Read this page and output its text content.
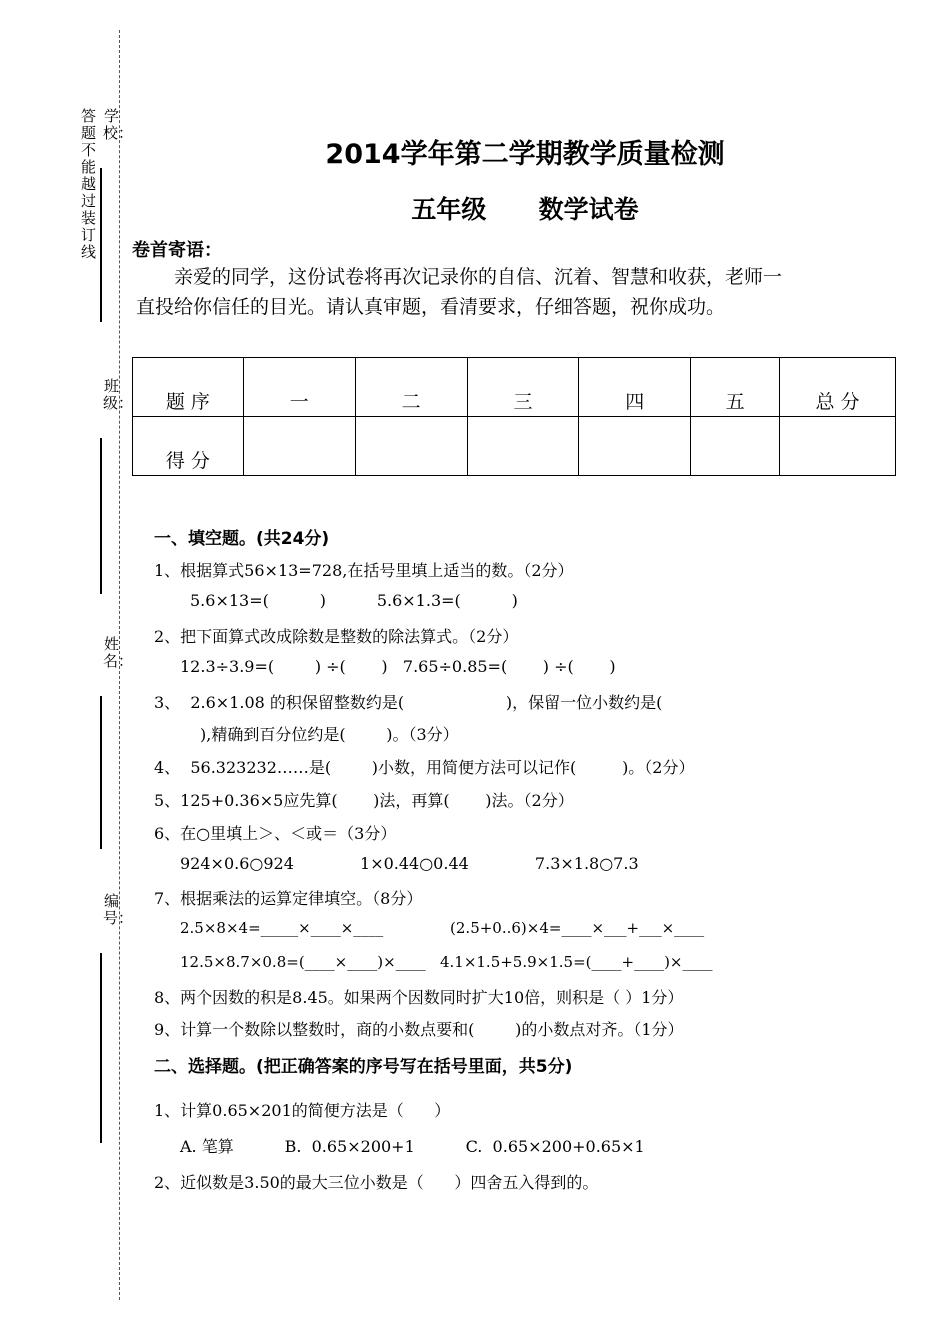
答题不能越过装订线
学校：
班级：
姓名：
编号：
2014学年第二学期教学质量检测
五年级      数学试卷
卷首寄语：
亲爱的同学，这份试卷将再次记录你的自信、沉着、智慧和收获，老师一
直投给你信任的目光。请认真审题，看清要求，仔细答题，祝你成功。
题 序	一	二	三	四	五	总 分
得 分						
一、填空题。(共24分)
1、根据算式56×13=728,在括号里填上适当的数。（2分）
5.6×13=(          )          5.6×1.3=(          )
2、把下面算式改成除数是整数的除法算式。（2分）
12.3÷3.9=(        ) ÷(       )   7.65÷0.85=(       ) ÷(       )
3、  2.6×1.08 的积保留整数约是(                    )，保留一位小数约是(
),精确到百分位约是(        )。（3分）
4、  56.323232……是(        )小数，用简便方法可以记作(         )。（2分）
5、125+0.36×5应先算(       )法，再算(       )法。（2分）
6、在○里填上＞、＜或＝（3分）
924×0.6○924             1×0.44○0.44             7.3×1.8○7.3
7、根据乘法的运算定律填空。（8分）
2.5×8×4=_____×____×____              (2.5+0..6)×4=____×___+___×____
12.5×8.7×0.8=(____×____)×____   4.1×1.5+5.9×1.5=(____+____)×____
8、两个因数的积是8.45。如果两个因数同时扩大10倍，则积是（ ）1分）
9、计算一个数除以整数时，商的小数点要和(        )的小数点对齐。（1分）
二、选择题。(把正确答案的序号写在括号里面，共5分)
1、计算0.65×201的简便方法是（      ）
A. 笔算          B.  0.65×200+1          C.  0.65×200+0.65×1
2、近似数是3.50的最大三位小数是（      ）四舍五入得到的。
